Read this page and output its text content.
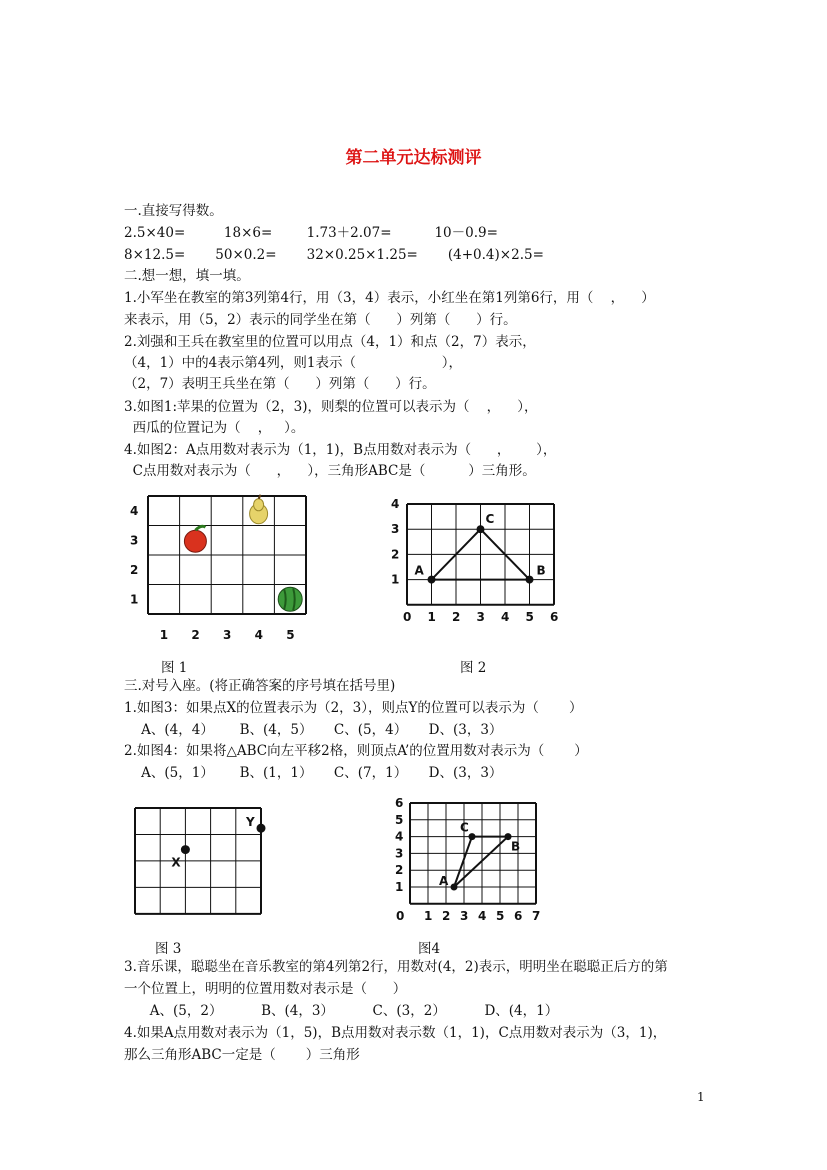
第二单元达标测评
一.直接写得数。
2.5×40=         18×6=        1.73＋2.07=          10－0.9=
8×12.5=       50×0.2=       32×0.25×1.25=       (4+0.4)×2.5=
二.想一想，填一填。
1.小军坐在教室的第3列第4行，用（3，4）表示，小红坐在第1列第6行，用（    ，    ）
来表示，用（5，2）表示的同学坐在第（      ）列第（      ）行。
2.刘强和王兵在教室里的位置可以用点（4，1）和点（2，7）表示，
（4，1）中的4表示第4列，则1表示（                    ），
（2，7）表明王兵坐在第（      ）列第（      ）行。
3.如图1:苹果的位置为（2，3)，则梨的位置可以表示为（    ，    ），
西瓜的位置记为（    ，   ）。
4.如图2：A点用数对表示为（1，1)，B点用数对表示为（      ，      ），
C点用数对表示为（      ，    ），三角形ABC是（          ）三角形。
1 2 3 4 5
1
2
3
4
0 1 2 3 4 5 6
1
2
3
4
A	B
C
X
Y
0 1 2 3 4 5 6 7
1
2
3
4
5
6
A
B
C
图 1	图 2
三.对号入座。(将正确答案的序号填在括号里)
1.如图3：如果点X的位置表示为（2，3），则点Y的位置可以表示为（       ）
A、(4，4）      B、(4，5）     C、(5，4）     D、(3，3）
2.如图4：如果将△ABC向左平移2格，则顶点A’的位置用数对表示为（       ）
A、(5，1）      B、(1，1）     C、(7，1）     D、(3，3）
图 3	图4
3.音乐课，聪聪坐在音乐教室的第4列第2行，用数对(4，2)表示，明明坐在聪聪正后方的第
一个位置上，明明的位置用数对表示是（      ）
A、(5，2）         B、(4，3）         C、(3，2）         D、(4，1）
4.如果A点用数对表示为（1，5)，B点用数对表示数（1，1)，C点用数对表示为（3，1)，
那么三角形ABC一定是（       ）三角形
1
